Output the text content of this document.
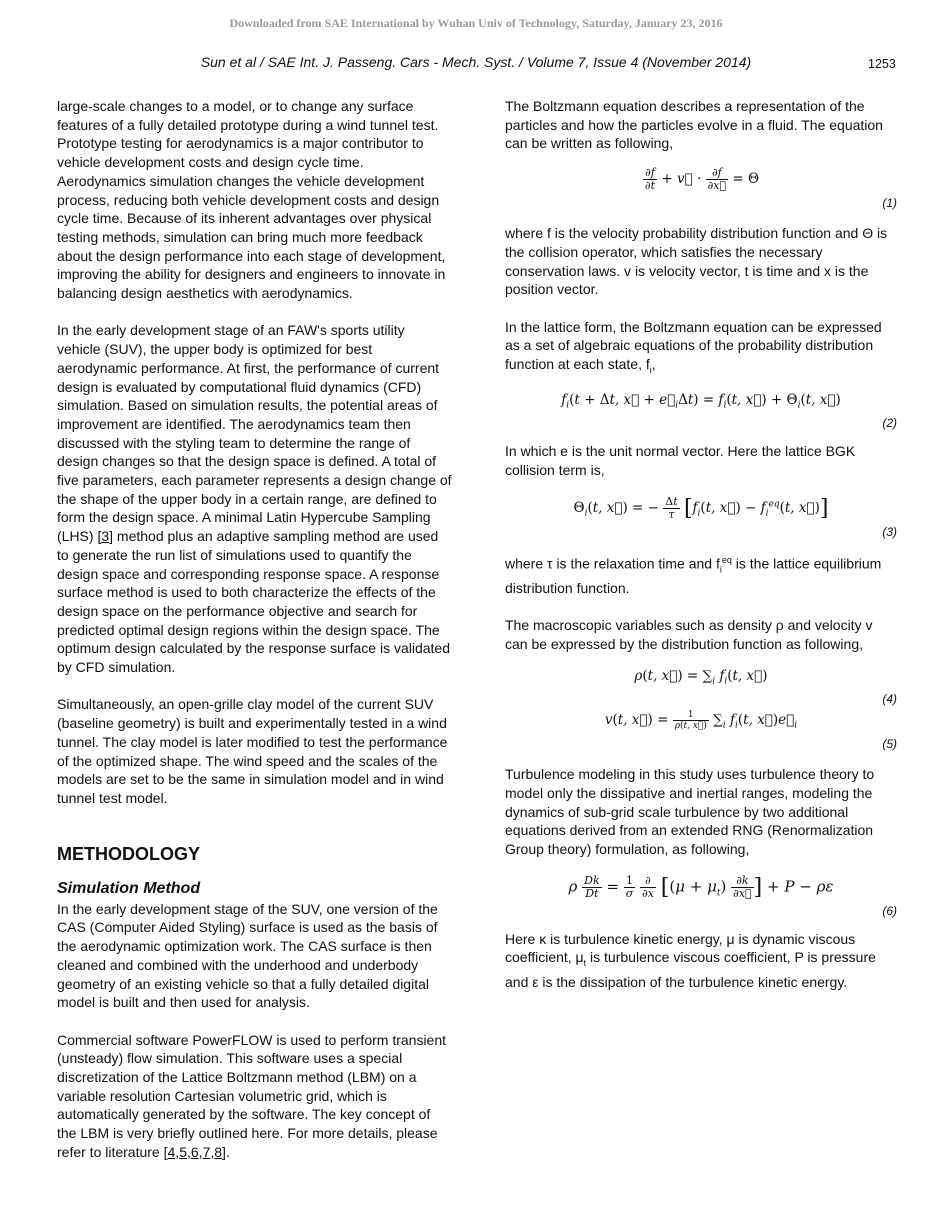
Downloaded from SAE International by Wuhan Univ of Technology, Saturday, January 23, 2016
Sun et al / SAE Int. J. Passeng. Cars - Mech. Syst. / Volume 7, Issue 4 (November 2014)	1253

large-scale changes to a model, or to change any surface features of a fully detailed prototype during a wind tunnel test. Prototype testing for aerodynamics is a major contributor to vehicle development costs and design cycle time. Aerodynamics simulation changes the vehicle development process, reducing both vehicle development costs and design cycle time. Because of its inherent advantages over physical testing methods, simulation can bring much more feedback about the design performance into each stage of development, improving the ability for designers and engineers to innovate in balancing design aesthetics with aerodynamics.

In the early development stage of an FAW's sports utility vehicle (SUV), the upper body is optimized for best aerodynamic performance. At first, the performance of current design is evaluated by computational fluid dynamics (CFD) simulation. Based on simulation results, the potential areas of improvement are identified. The aerodynamics team then discussed with the styling team to determine the range of design changes so that the design space is defined. A total of five parameters, each parameter represents a design change of the shape of the upper body in a certain range, are defined to form the design space. A minimal Latin Hypercube Sampling (LHS) [3] method plus an adaptive sampling method are used to generate the run list of simulations used to quantify the design space and corresponding response space. A response surface method is used to both characterize the effects of the design space on the performance objective and search for predicted optimal design regions within the design space. The optimum design calculated by the response surface is validated by CFD simulation.

Simultaneously, an open-grille clay model of the current SUV (baseline geometry) is built and experimentally tested in a wind tunnel. The clay model is later modified to test the performance of the optimized shape. The wind speed and the scales of the models are set to be the same in simulation model and in wind tunnel test model.

METHODOLOGY
Simulation Method

In the early development stage of the SUV, one version of the CAS (Computer Aided Styling) surface is used as the basis of the aerodynamic optimization work. The CAS surface is then cleaned and combined with the underhood and underbody geometry of an existing vehicle so that a fully detailed digital model is built and then used for analysis.

Commercial software PowerFLOW is used to perform transient (unsteady) flow simulation. This software uses a special discretization of the Lattice Boltzmann method (LBM) on a variable resolution Cartesian volumetric grid, which is automatically generated by the software. The key concept of the LBM is very briefly outlined here. For more details, please refer to literature [4,5,6,7,8].

The Boltzmann equation describes a representation of the particles and how the particles evolve in a fluid. The equation can be written as following,

$\frac{\partial f}{\partial t}$ + v⃗ · $\frac{\partial f}{\partial x⃗} = \Theta$
(1)

where f is the velocity probability distribution function and Θ is the collision operator, which satisfies the necessary conservation laws. v is velocity vector, t is time and x is the position vector.

In the lattice form, the Boltzmann equation can be expressed as a set of algebraic equations of the probability distribution function at each state, $f_i$,

$f_i(t + \Delta t$, x⃗ + $e⃗_i\Delta t) = f_i(t$, x⃗) + $\Theta_i(t$, x⃗)
(2)

In which e is the unit normal vector. Here the lattice BGK collision term is,

$\Theta_i(t$, x⃗) = − $\frac{\Delta t}{\tau} [f_i(t$, x⃗) − $f_i^{eq}(t$, x⃗)]
(3)

where τ is the relaxation time and $f_i^{eq}$ is the lattice equilibrium distribution function.

The macroscopic variables such as density ρ and velocity v can be expressed by the distribution function as following,

ρ(t, x⃗) = $\sum_i$ $f_i(t$, x⃗)
(4)
v(t, x⃗) = $\frac{1}{\rho(t, x⃗)} \sum_i$ $f_i(t$, $x⃗)e⃗_i$
(5)

Turbulence modeling in this study uses turbulence theory to model only the dissipative and inertial ranges, modeling the dynamics of sub-grid scale turbulence by two additional equations derived from an extended RNG (Renormalization Group theory) formulation, as following,

ρ $\frac{Dk}{Dt} = \frac{1}{\sigma}$
$\frac{\partial}{\partial x} [(\mu + \mu_t) \frac{\partial k}{\partial x⃗}$ ] + P − ρε
(6)

Here κ is turbulence kinetic energy, μ is dynamic viscous coefficient, $\mu_t$ is turbulence viscous coefficient, P is pressure and ε is the dissipation of the turbulence kinetic energy.
